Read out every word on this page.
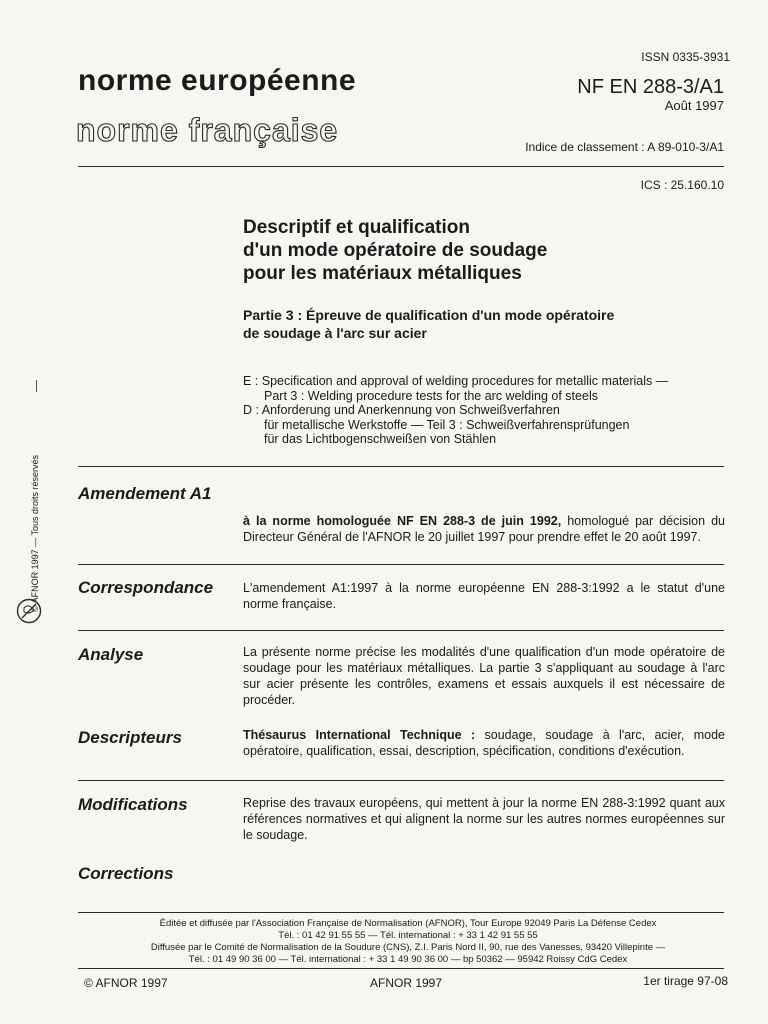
ISSN 0335-3931
norme européenne
norme française
NF EN 288-3/A1
Août 1997
Indice de classement : A 89-010-3/A1
ICS : 25.160.10
Descriptif et qualification
d'un mode opératoire de soudage
pour les matériaux métalliques
Partie 3 : Épreuve de qualification d'un mode opératoire
de soudage à l'arc sur acier
E : Specification and approval of welding procedures for metallic materials —
Part 3 : Welding procedure tests for the arc welding of steels
D : Anforderung und Anerkennung von Schweißverfahren
für metallische Werkstoffe — Teil 3 : Schweißverfahrensprüfungen
für das Lichtbogenschweißen von Stählen
Amendement A1
à la norme homologuée NF EN 288-3 de juin 1992, homologué par décision du Directeur Général de l'AFNOR le 20 juillet 1997 pour prendre effet le 20 août 1997.
Correspondance L'amendement A1:1997 à la norme européenne EN 288-3:1992 a le statut d'une norme française.
Analyse	La présente norme précise les modalités d'une qualification d'un mode opératoire de soudage pour les matériaux métalliques. La partie 3 s'appliquant au soudage à l'arc sur acier présente les contrôles, examens et essais auxquels il est nécessaire de procéder.
Descripteurs	Thésaurus International Technique : soudage, soudage à l'arc, acier, mode opératoire, qualification, essai, description, spécification, conditions d'exécution.
Modifications	Reprise des travaux européens, qui mettent à jour la norme EN 288-3:1992 quant aux références normatives et qui alignent la norme sur les autres normes européennes sur le soudage.
Corrections
Éditée et diffusée par l'Association Française de Normalisation (AFNOR), Tour Europe 92049 Paris La Défense Cedex
Tél. : 01 42 91 55 55 — Tél. international : + 33 1 42 91 55 55
Diffusée par le Comité de Normalisation de la Soudure (CNS), Z.I. Paris Nord II, 90, rue des Vanesses, 93420 Villepinte —
Tél. : 01 49 90 36 00 — Tél. international : + 33 1 49 90 36 00 — bp 50362 — 95942 Roissy CdG Cedex
© AFNOR 1997	AFNOR 1997	1er tirage 97-08
© AFNOR 1997 — Tous droits réservés
